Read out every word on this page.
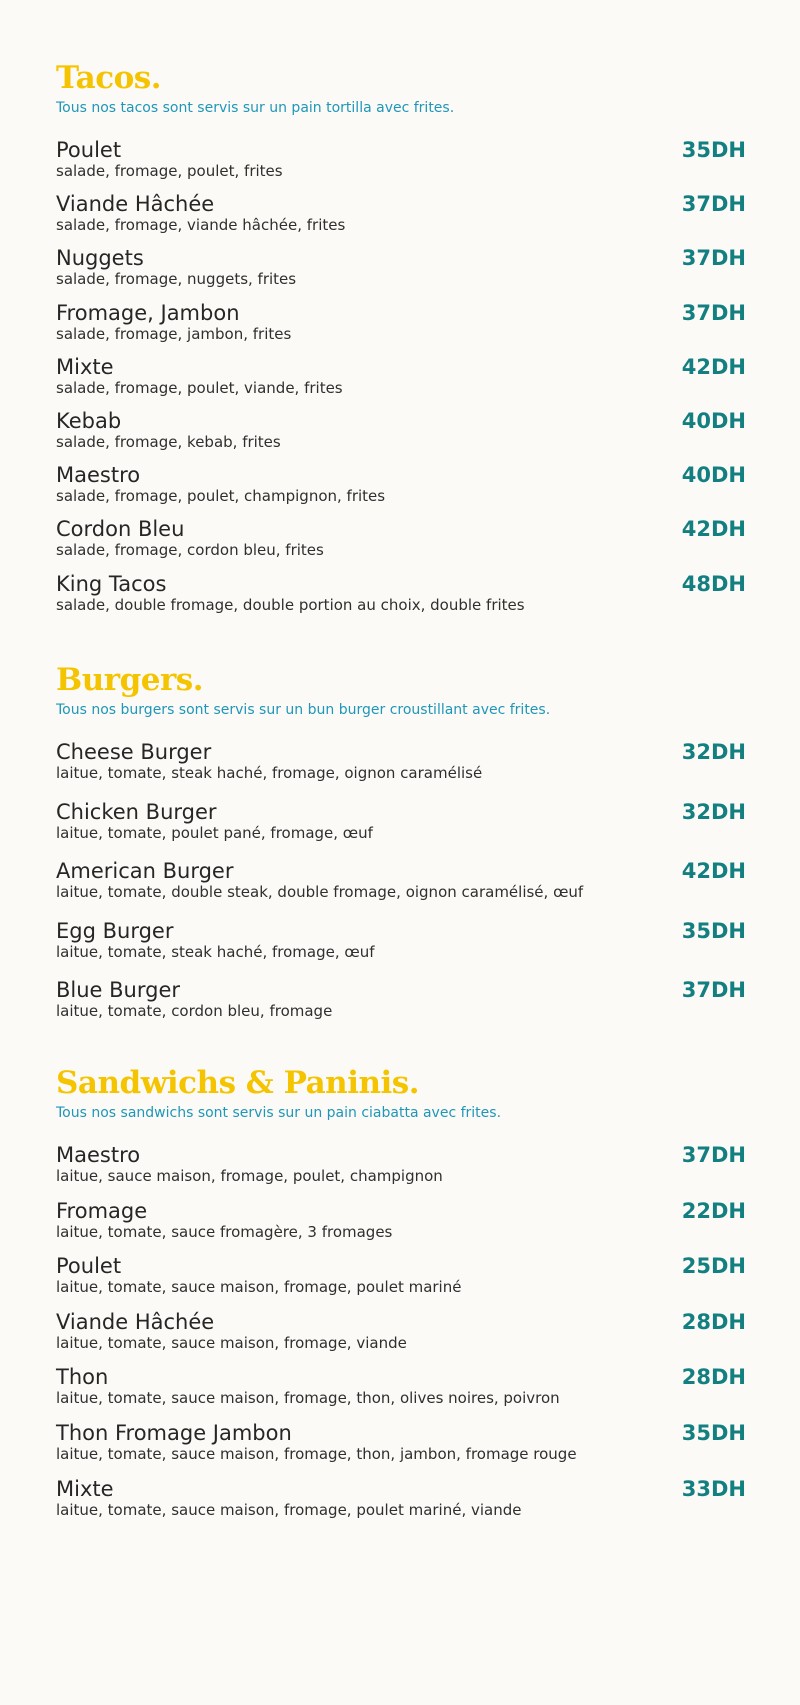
Tacos.

Tous nos tacos sont servis sur un pain tortilla avec frites.

Poulet

salade, fromage, poulet, frites

35DH

Viande Hâchée

salade, fromage, viande hâchée, frites

37DH

Nuggets

salade, fromage, nuggets, frites

37DH

Fromage, Jambon

salade, fromage, jambon, frites

37DH

Mixte

salade, fromage, poulet, viande, frites

42DH

Kebab

salade, fromage, kebab, frites

40DH

Maestro

salade, fromage, poulet, champignon, frites

40DH

Cordon Bleu

salade, fromage, cordon bleu, frites

42DH

King Tacos

salade, double fromage, double portion au choix, double frites

48DH
Burgers.

Tous nos burgers sont servis sur un bun burger croustillant avec frites.

Cheese Burger

laitue, tomate, steak haché, fromage, oignon caramélisé

32DH

Chicken Burger

laitue, tomate, poulet pané, fromage, œuf

32DH

American Burger

laitue, tomate, double steak, double fromage, oignon caramélisé, œuf

42DH

Egg Burger

laitue, tomate, steak haché, fromage, œuf

35DH

Blue Burger

laitue, tomate, cordon bleu, fromage

37DH
Sandwichs & Paninis.

Tous nos sandwichs sont servis sur un pain ciabatta avec frites.

Maestro

laitue, sauce maison, fromage, poulet, champignon

37DH

Fromage

laitue, tomate, sauce fromagère, 3 fromages

22DH

Poulet

laitue, tomate, sauce maison, fromage, poulet mariné

25DH

Viande Hâchée

laitue, tomate, sauce maison, fromage, viande

28DH

Thon

laitue, tomate, sauce maison, fromage, thon, olives noires, poivron

28DH

Thon Fromage Jambon

laitue, tomate, sauce maison, fromage, thon, jambon, fromage rouge

35DH

Mixte

laitue, tomate, sauce maison, fromage, poulet mariné, viande

33DH
